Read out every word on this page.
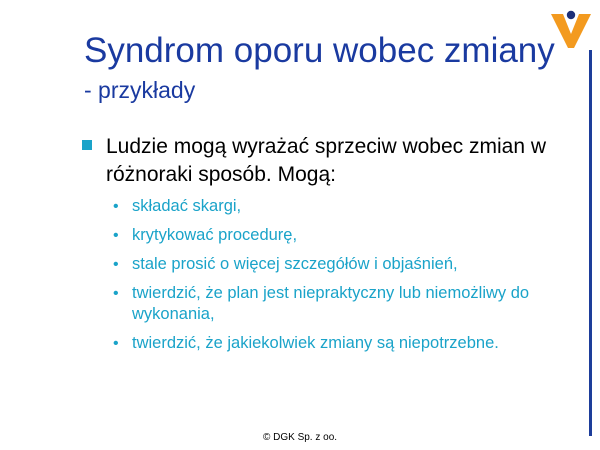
Syndrom oporu wobec zmiany
- przykłady

Ludzie mogą wyrażać sprzeciw wobec zmian w różnoraki sposób. Mogą:

• składać skargi,
• krytykować procedurę,
• stale prosić o więcej szczegółów i objaśnień,
• twierdzić, że plan jest niepraktyczny lub niemożliwy do wykonania,
• twierdzić, że jakiekolwiek zmiany są niepotrzebne.

© DGK Sp. z oo.
